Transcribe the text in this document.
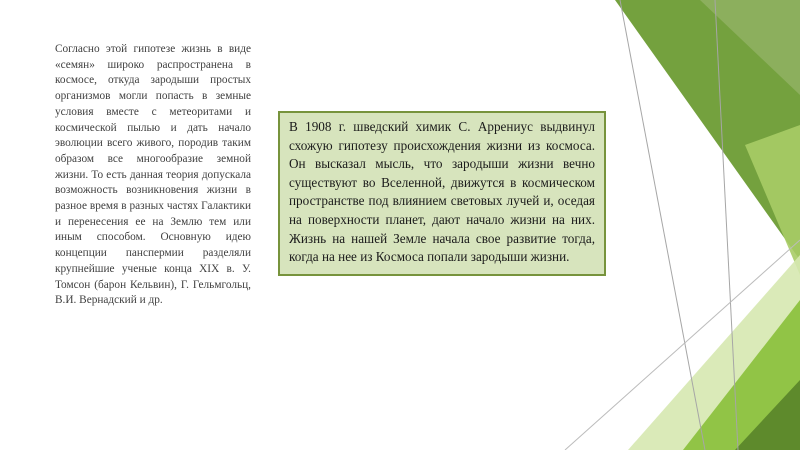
Согласно этой гипотезе жизнь в виде «семян» широко распространена в космосе, откуда зародыши простых организмов могли попасть в земные условия вместе с метеоритами и космической пылью и дать начало эволюции всего живого, породив таким образом все многообразие земной жизни. То есть данная теория допускала возможность возникновения жизни в разное время в разных частях Галактики и перенесения ее на Землю тем или иным способом. Основную идею концепции панспермии разделяли крупнейшие ученые конца XIX в. У. Томсон (барон Кельвин), Г. Гельмгольц, В.И. Вернадский и др.

В 1908 г. шведский химик С. Аррениус выдвинул схожую гипотезу происхождения жизни из космоса. Он высказал мысль, что зародыши жизни вечно существуют во Вселенной, движутся в космическом пространстве под влиянием световых лучей и, оседая на поверхности планет, дают начало жизни на них. Жизнь на нашей Земле начала свое развитие тогда, когда на нее из Космоса попали зародыши жизни.
